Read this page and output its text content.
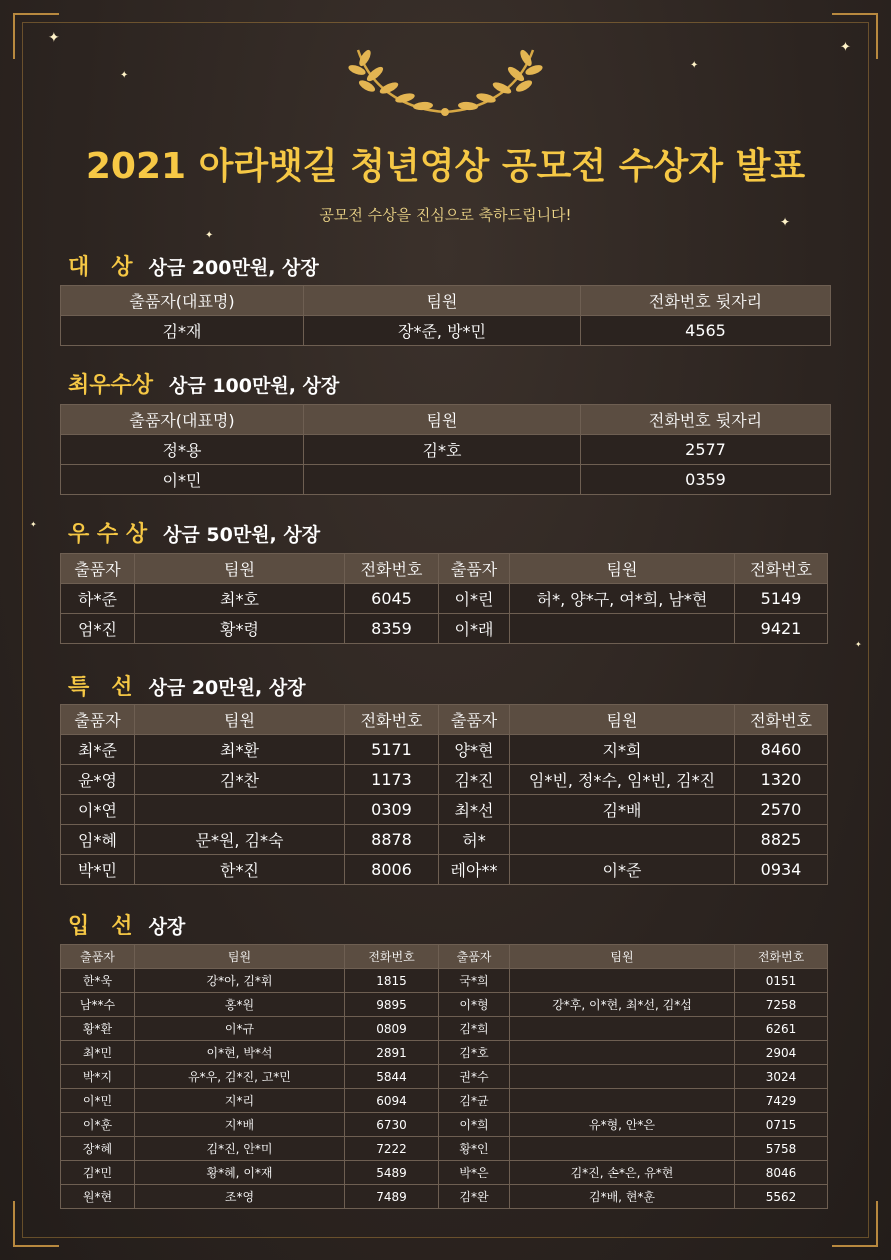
✦
✦
✦
✦
✦
✦
✦
✦
2021 아라뱃길 청년영상 공모전 수상자 발표
공모전 수상을 진심으로 축하드립니다!
대　상 상금 200만원, 상장
출품자(대표명)	팀원	전화번호 뒷자리
김*재	장*준, 방*민	4565
최우수상 상금 100만원, 상장
출품자(대표명)	팀원	전화번호 뒷자리
정*용	김*호	2577
이*민		0359
우 수 상 상금 50만원, 상장
출품자	팀원	전화번호	출품자	팀원	전화번호
하*준	최*호	6045	이*린	허*, 양*구, 여*희, 남*현	5149
엄*진	황*령	8359	이*래		9421
특　선 상금 20만원, 상장
출품자	팀원	전화번호	출품자	팀원	전화번호
최*준	최*환	5171	양*현	지*희	8460
윤*영	김*찬	1173	김*진	임*빈, 정*수, 임*빈, 김*진	1320
이*연		0309	최*선	김*배	2570
임*혜	문*원, 김*숙	8878	허*		8825
박*민	한*진	8006	레아**	이*준	0934
입　선 상장
출품자	팀원	전화번호	출품자	팀원	전화번호
한*욱	강*아, 김*휘	1815	국*희		0151
남**수	홍*원	9895	이*형	강*후, 이*현, 최*선, 김*섭	7258
황*환	이*규	0809	김*희		6261
최*민	이*현, 박*석	2891	김*호		2904
박*지	유*우, 김*진, 고*민	5844	권*수		3024
이*민	지*리	6094	김*균		7429
이*훈	지*배	6730	이*희	유*형, 안*은	0715
장*혜	김*진, 안*미	7222	황*인		5758
김*민	황*혜, 이*재	5489	박*은	김*진, 손*은, 유*현	8046
원*현	조*영	7489	김*완	김*배, 현*훈	5562
